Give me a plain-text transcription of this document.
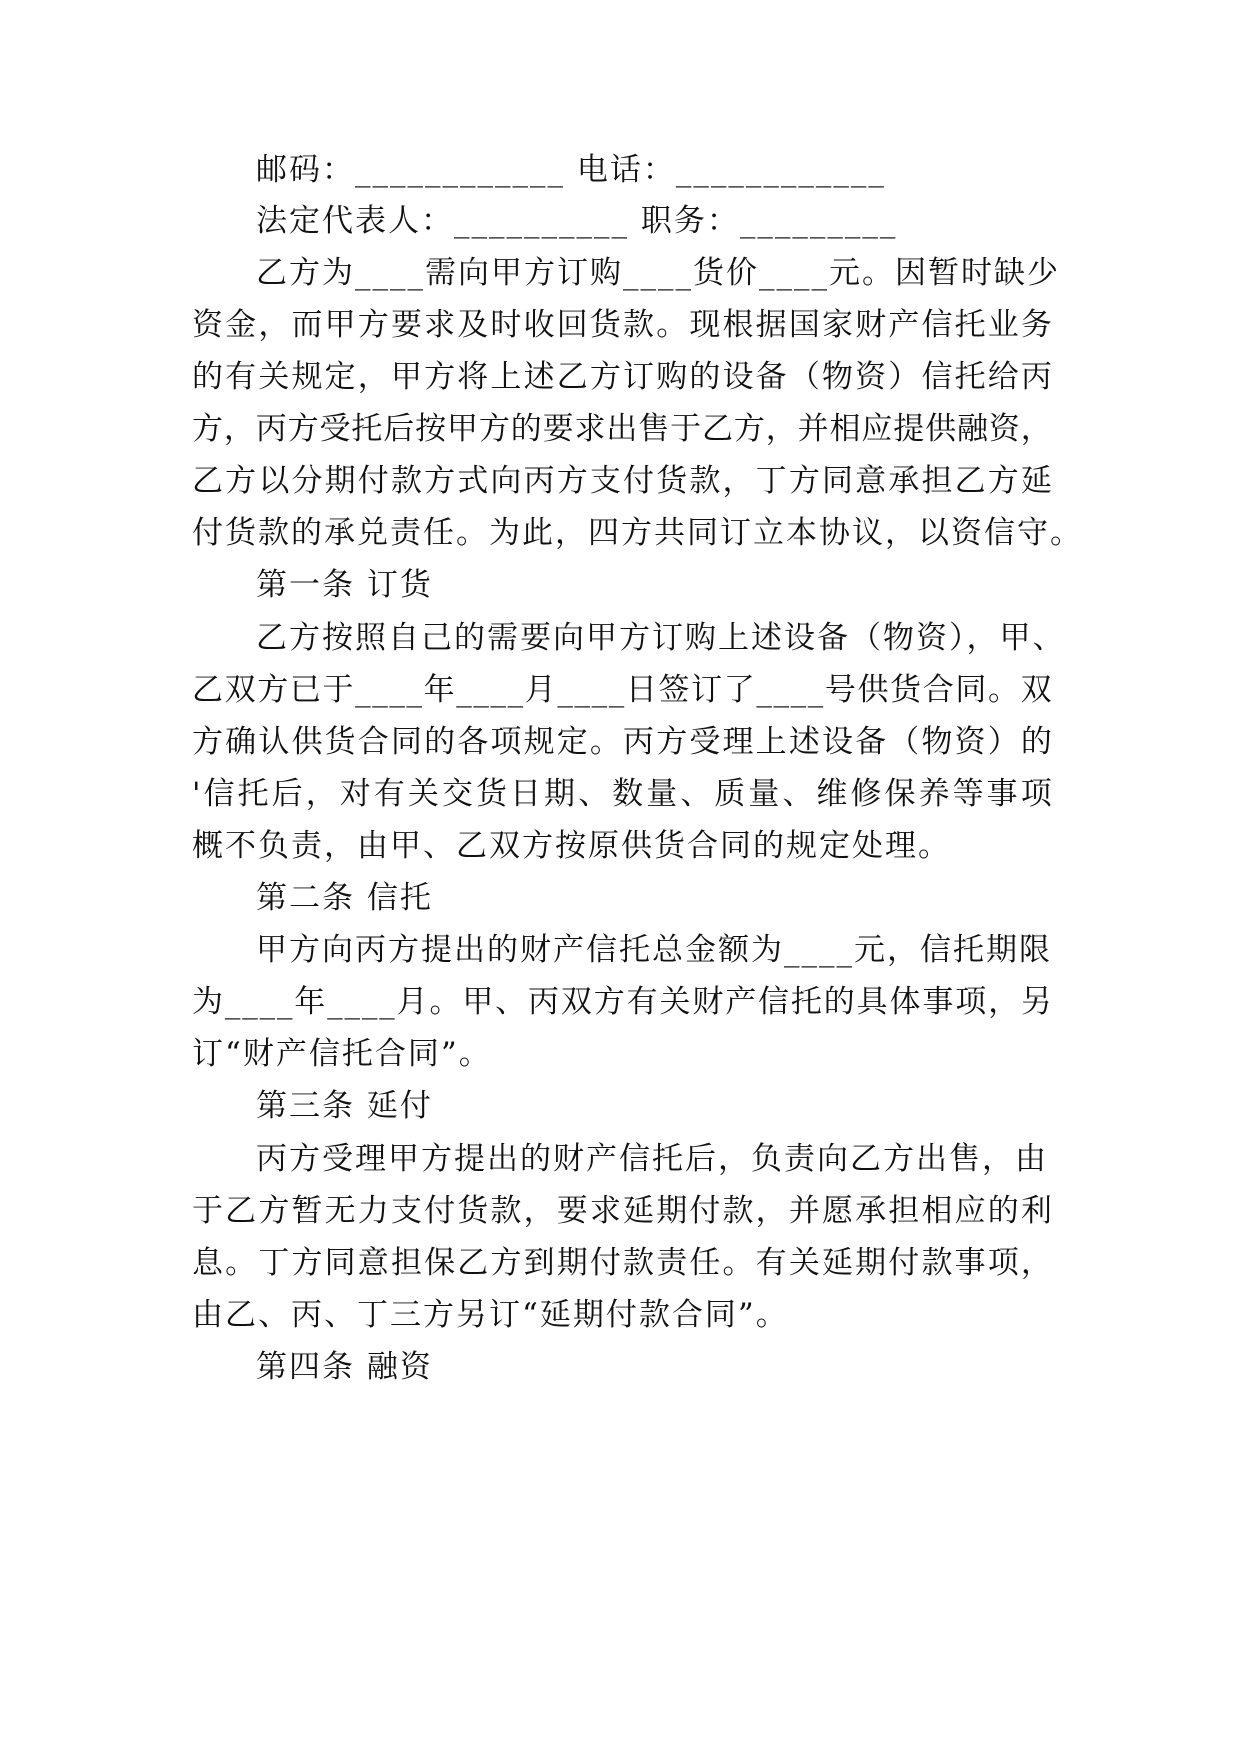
邮码：____________ 电话：____________
法定代表人：__________ 职务：_________
乙方为____需向甲方订购____货价____元。因暂时缺少
资 金 ， 而 甲 方 要 求 及 时 收 回 货 款 。 现 根 据 国 家 财 产 信 托 业 务
的 有 关 规 定 ， 甲 方 将 上 述 乙 方 订 购 的 设 备 （ 物 资 ） 信 托 给 丙
方 ， 丙 方 受 托 后 按 甲 方 的 要 求 出 售 于 乙 方 ， 并 相 应 提 供 融 资 ，
乙 方 以 分 期 付 款 方 式 向 丙 方 支 付 货 款 ， 丁 方 同 意 承 担 乙 方 延
付货款的承兑责任。为此，四方共同订立本协议，以资信守。
第一条 订货
乙方按照自己的需要向甲方订购上述设备（物资），甲、
乙 双 方 已 于 _ _ _ _ 年 _ _ _ _ 月 _ _ _ _ 日 签 订 了 _ _ _ _ 号 供 货 合 同 。 双
方 确 认 供 货 合 同 的 各 项 规 定 。 丙 方 受 理 上 述 设 备 （ 物 资 ） 的
' 信 托 后 ， 对 有 关 交 货 日 期 、 数 量 、 质 量 、 维 修 保 养 等 事 项
概不负责，由甲、乙双方按原供货合同的规定处理。
第二条 信托
甲方向丙方提出的财产信托总金额为____元，信托期限
为 _ _ _ _ 年 _ _ _ _ 月 。 甲 、 丙 双 方 有 关 财 产 信 托 的 具 体 事 项 ， 另
订“财产信托合同”。
第三条 延付
丙方受理甲方提出的财产信托后，负责向乙方出售，由
于 乙 方 暂 无 力 支 付 货 款 ， 要 求 延 期 付 款 ， 并 愿 承 担 相 应 的 利
息 。 丁 方 同 意 担 保 乙 方 到 期 付 款 责 任 。 有 关 延 期 付 款 事 项 ，
由乙、丙、丁三方另订“延期付款合同”。
第四条 融资
